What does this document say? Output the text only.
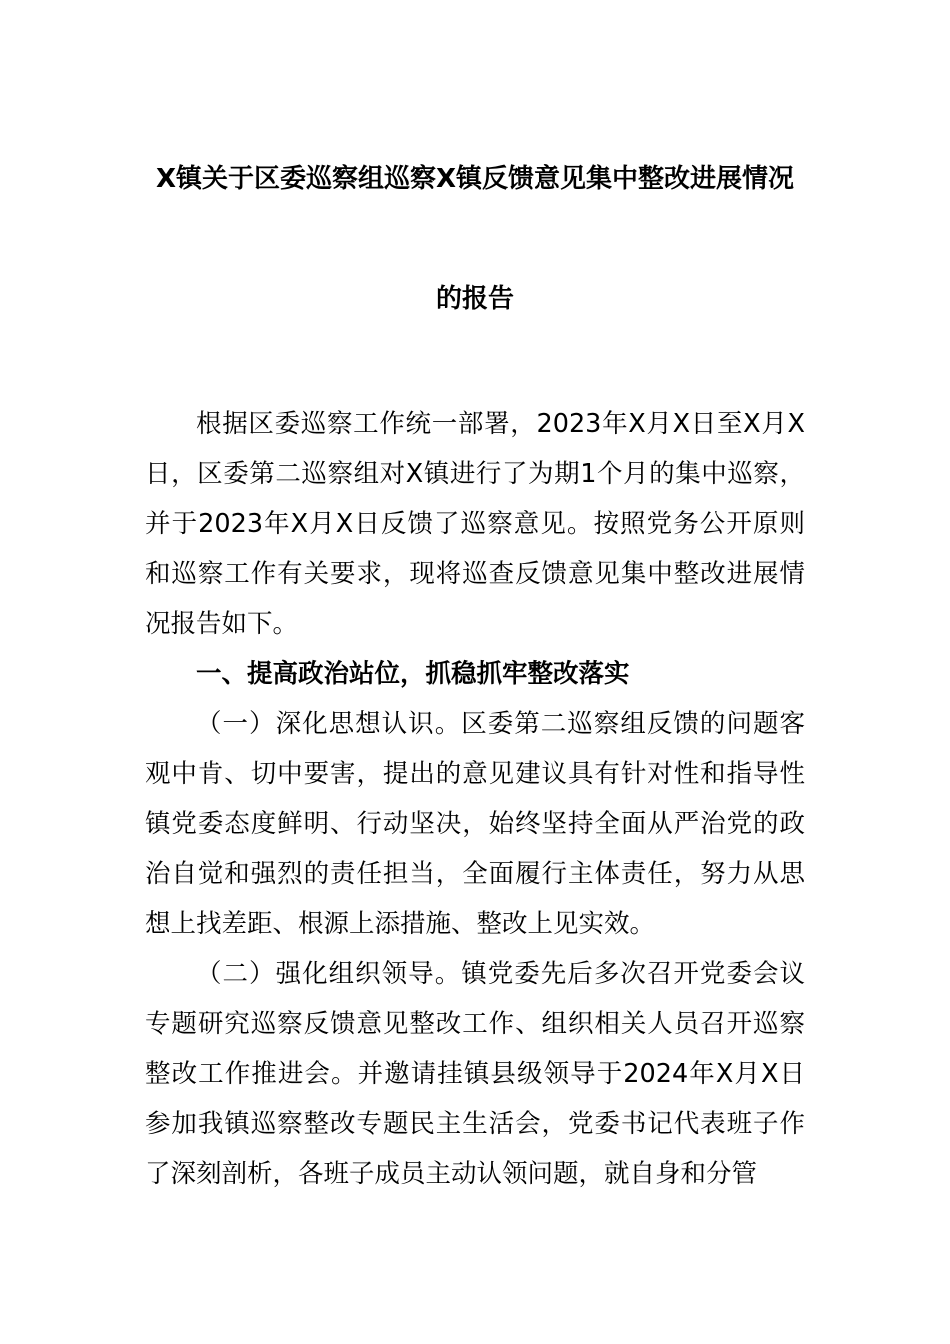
X镇关于区委巡察组巡察X镇反馈意见集中整改进展情况
的报告

根据区委巡察工作统一部署，2023年X月X日至X月X日，区委第二巡察组对X镇进行了为期1个月的集中巡察，并于2023年X月X日反馈了巡察意见。按照党务公开原则和巡察工作有关要求，现将巡查反馈意见集中整改进展情况报告如下。

一、提高政治站位，抓稳抓牢整改落实

（一）深化思想认识。区委第二巡察组反馈的问题客观中肯、切中要害，提出的意见建议具有针对性和指导性镇党委态度鲜明、行动坚决，始终坚持全面从严治党的政治自觉和强烈的责任担当，全面履行主体责任，努力从思想上找差距、根源上添措施、整改上见实效。

（二）强化组织领导。镇党委先后多次召开党委会议专题研究巡察反馈意见整改工作、组织相关人员召开巡察整改工作推进会。并邀请挂镇县级领导于2024年X月X日参加我镇巡察整改专题民主生活会，党委书记代表班子作了深刻剖析，各班子成员主动认领问题，就自身和分管
